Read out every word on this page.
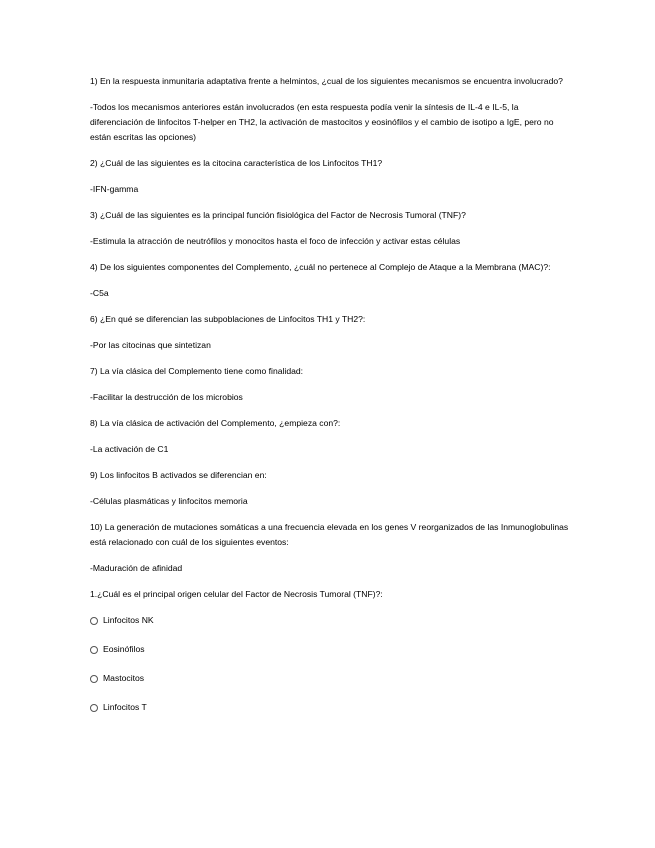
1) En la respuesta inmunitaria adaptativa frente a helmintos, ¿cual de los siguientes mecanismos se encuentra involucrado?

-Todos los mecanismos anteriores están involucrados (en esta respuesta podía venir la síntesis de IL-4 e IL-5, la diferenciación de linfocitos T-helper en TH2, la activación de mastocitos y eosinófilos y el cambio de isotipo a IgE, pero no están escritas las opciones)

2) ¿Cuál de las siguientes es la citocina característica de los Linfocitos TH1?

-IFN-gamma

3) ¿Cuál de las siguientes es la principal función fisiológica del Factor de Necrosis Tumoral (TNF)?

-Estimula la atracción de neutrófilos y monocitos hasta el foco de infección y activar estas células

4) De los siguientes componentes del Complemento, ¿cuál no pertenece al Complejo de Ataque a la Membrana (MAC)?:

-C5a

6) ¿En qué se diferencian las subpoblaciones de Linfocitos TH1 y TH2?:

-Por las citocinas que sintetizan

7) La vía clásica del Complemento tiene como finalidad:

-Facilitar la destrucción de los microbios

8) La vía clásica de activación del Complemento, ¿empieza con?:

-La activación de C1

9) Los linfocitos B activados se diferencian en:

-Células plasmáticas y linfocitos memoria

10) La generación de mutaciones somáticas a una frecuencia elevada en los genes V reorganizados de las Inmunoglobulinas está relacionado con cuál de los siguientes eventos:

-Maduración de afinidad

1.¿Cuál es el principal origen celular del Factor de Necrosis Tumoral (TNF)?:

Linfocitos NK
Eosinófilos
Mastocitos
Linfocitos T
